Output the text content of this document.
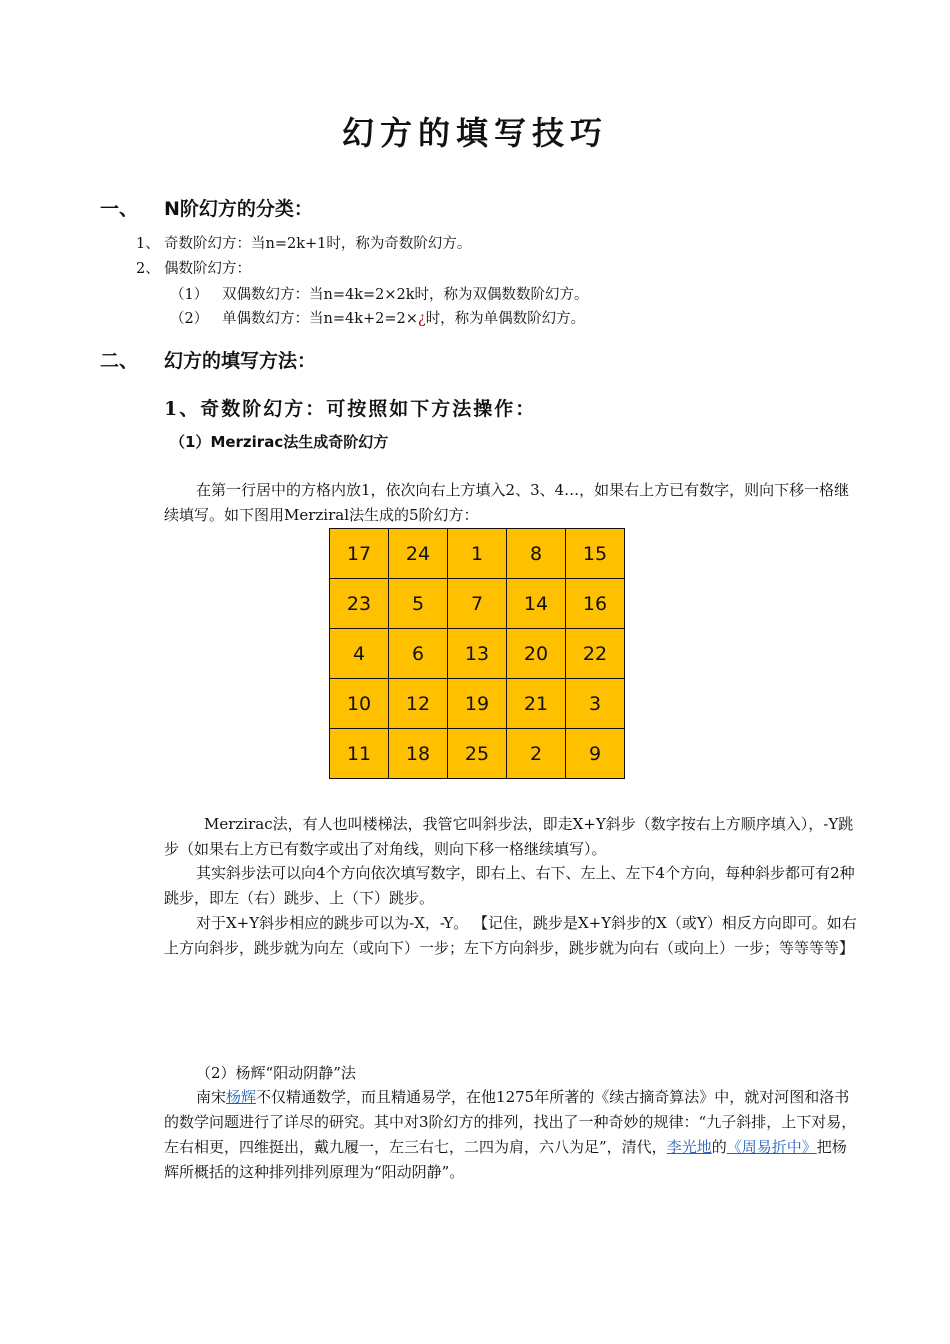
幻方的填写技巧
一、 N阶幻方的分类：
1、 奇数阶幻方：当n=2k+1时，称为奇数阶幻方。
2、 偶数阶幻方：
（1） 双偶数幻方：当n=4k=2×2k时，称为双偶数数阶幻方。
（2） 单偶数幻方：当n=4k+2=2×¿时，称为单偶数阶幻方。
二、 幻方的填写方法：
1、奇数阶幻方：可按照如下方法操作：
（1）Merzirac法生成奇阶幻方
在第一行居中的方格内放1，依次向右上方填入2、3、4…，如果右上方已有数字，则向下移一格继续填写。如下图用Merziral法生成的5阶幻方：
17	24	1	8	15
23	5	7	14	16
4	6	13	20	22
10	12	19	21	3
11	18	25	2	9
Merzirac法，有人也叫楼梯法，我管它叫斜步法，即走X+Y斜步（数字按右上方顺序填入），-Y跳步（如果右上方已有数字或出了对角线，则向下移一格继续填写）。
其实斜步法可以向4个方向依次填写数字，即右上、右下、左上、左下4个方向，每种斜步都可有2种跳步，即左（右）跳步、上（下）跳步。
对于X+Y斜步相应的跳步可以为-X，-Y。 【记住，跳步是X+Y斜步的X（或Y）相反方向即可。如右上方向斜步，跳步就为向左（或向下）一步；左下方向斜步，跳步就为向右（或向上）一步；等等等等】
（2）杨辉“阳动阴静”法
南宋杨辉不仅精通数学，而且精通易学，在他1275年所著的《续古摘奇算法》中，就对河图和洛书的数学问题进行了详尽的研究。其中对3阶幻方的排列，找出了一种奇妙的规律：“九子斜排，上下对易，左右相更，四维挺出，戴九履一，左三右七，二四为肩，六八为足”，清代，李光地的《周易折中》把杨辉所概括的这种排列排列原理为“阳动阴静”。
